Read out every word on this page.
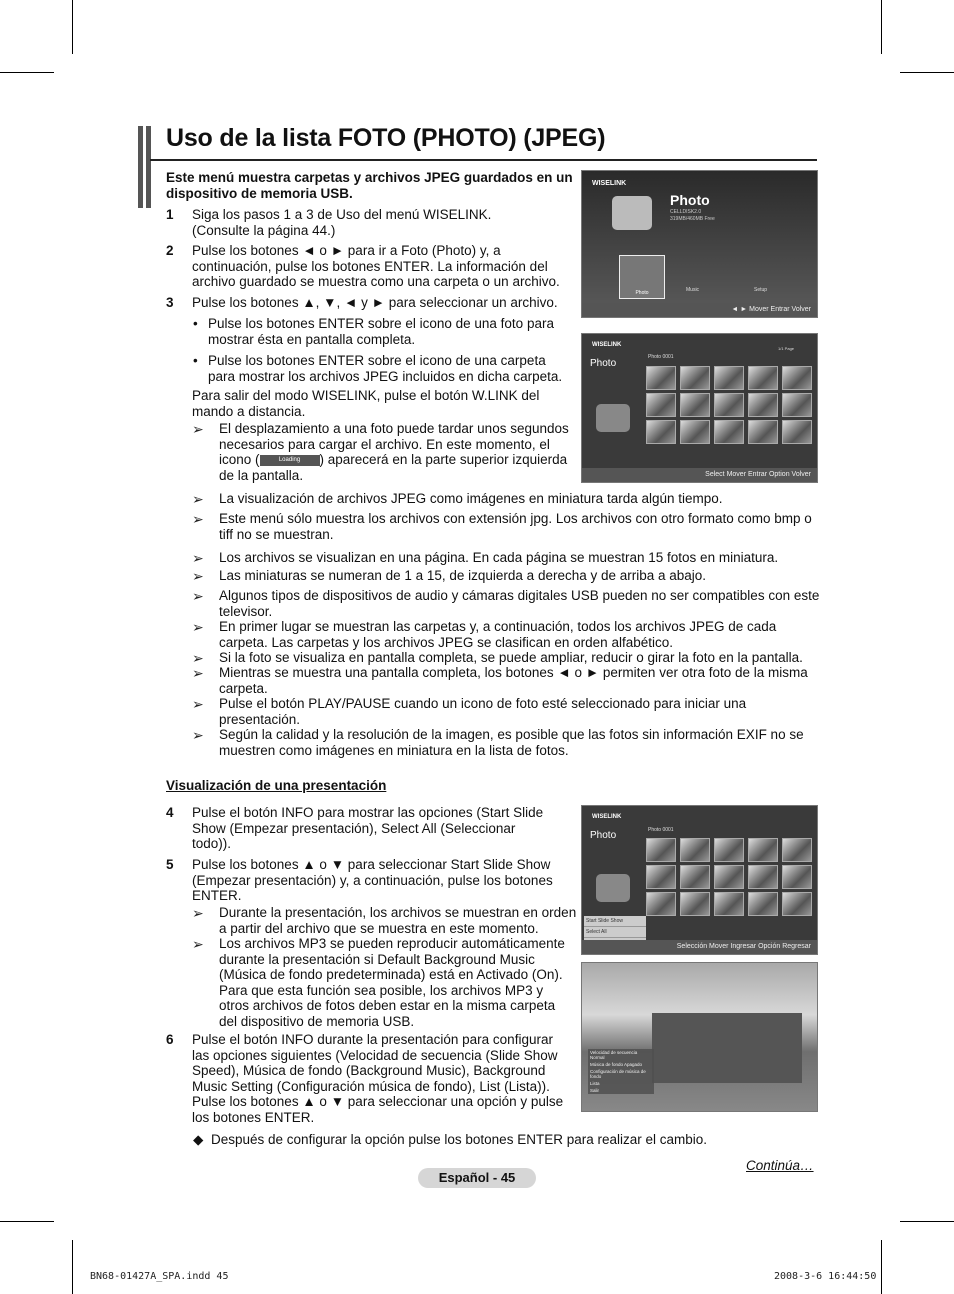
Uso de la lista FOTO (PHOTO) (JPEG)
Este menú muestra carpetas y archivos JPEG guardados en un dispositivo de memoria USB.
1 Siga los pasos 1 a 3 de Uso del menú WISELINK.
(Consulte la página 44.)
2 Pulse los botones ◄ o ► para ir a Foto (Photo) y, a
continuación, pulse los botones ENTER. La información del
archivo guardado se muestra como una carpeta o un archivo.
3 Pulse los botones ▲, ▼, ◄ y ► para seleccionar un archivo.
• Pulse los botones ENTER sobre el icono de una foto para
mostrar ésta en pantalla completa.
• Pulse los botones ENTER sobre el icono de una carpeta
para mostrar los archivos JPEG incluidos en dicha carpeta.
Para salir del modo WISELINK, pulse el botón W.LINK del
mando a distancia.
➢ El desplazamiento a una foto puede tardar unos segundos
necesarios para cargar el archivo. En este momento, el
icono (	Loading ) aparecerá en la parte superior izquierda
de la pantalla.
➢ La visualización de archivos JPEG como imágenes en miniatura tarda algún tiempo.
➢ Este menú sólo muestra los archivos con extensión jpg. Los archivos con otro formato como bmp o
tiff no se muestran.
➢ Los archivos se visualizan en una página. En cada página se muestran 15 fotos en miniatura.
➢ Las miniaturas se numeran de 1 a 15, de izquierda a derecha y de arriba a abajo.
➢ Algunos tipos de dispositivos de audio y cámaras digitales USB pueden no ser compatibles con este
televisor.
➢ En primer lugar se muestran las carpetas y, a continuación, todos los archivos JPEG de cada
carpeta. Las carpetas y los archivos JPEG se clasifican en orden alfabético.
➢ Si la foto se visualiza en pantalla completa, se puede ampliar, reducir o girar la foto en la pantalla.
➢ Mientras se muestra una pantalla completa, los botones ◄ o ► permiten ver otra foto de la misma
carpeta.
➢ Pulse el botón PLAY/PAUSE cuando un icono de foto esté seleccionado para iniciar una
presentación.
➢ Según la calidad y la resolución de la imagen, es posible que las fotos sin información EXIF no se
muestren como imágenes en miniatura en la lista de fotos.
Visualización de una presentación
4 Pulse el botón INFO para mostrar las opciones (Start Slide
Show (Empezar presentación), Select All (Seleccionar
todo)).
5 Pulse los botones ▲ o ▼ para seleccionar Start Slide Show
(Empezar presentación) y, a continuación, pulse los botones
ENTER.
➢ Durante la presentación, los archivos se muestran en orden
a partir del archivo que se muestra en este momento.
➢ Los archivos MP3 se pueden reproducir automáticamente
durante la presentación si Default Background Music
(Música de fondo predeterminada) está en Activado (On).
Para que esta función sea posible, los archivos MP3 y
otros archivos de fotos deben estar en la misma carpeta
del dispositivo de memoria USB.
6 Pulse el botón INFO durante la presentación para configurar
las opciones siguientes (Velocidad de secuencia (Slide Show
Speed), Música de fondo (Background Music), Background
Music Setting (Configuración música de fondo), List (Lista)).
Pulse los botones ▲ o ▼ para seleccionar una opción y pulse
los botones ENTER.
◆ Después de configurar la opción pulse los botones ENTER para realizar el cambio.
Continúa…
Español - 45
BN68-01427A_SPA.indd 45	2008-3-6 16:44:50
WISELINK
Photo
CELLDISK2.0
319MB/460MB Free
Photo	Music	Setup
◄ ► Mover Entrar Volver
WISELINK
Photo
Photo 0001
1/1 Page
Select Mover Entrar Option Volver
WISELINK
Photo	Photo 0001
Start Slide Show
Select All
Selección Mover Ingresar Opción Regresar
Velocidad de secuencia Normal
Música de fondo Apagado
Configuración de música de fondo
Lista
Salir
